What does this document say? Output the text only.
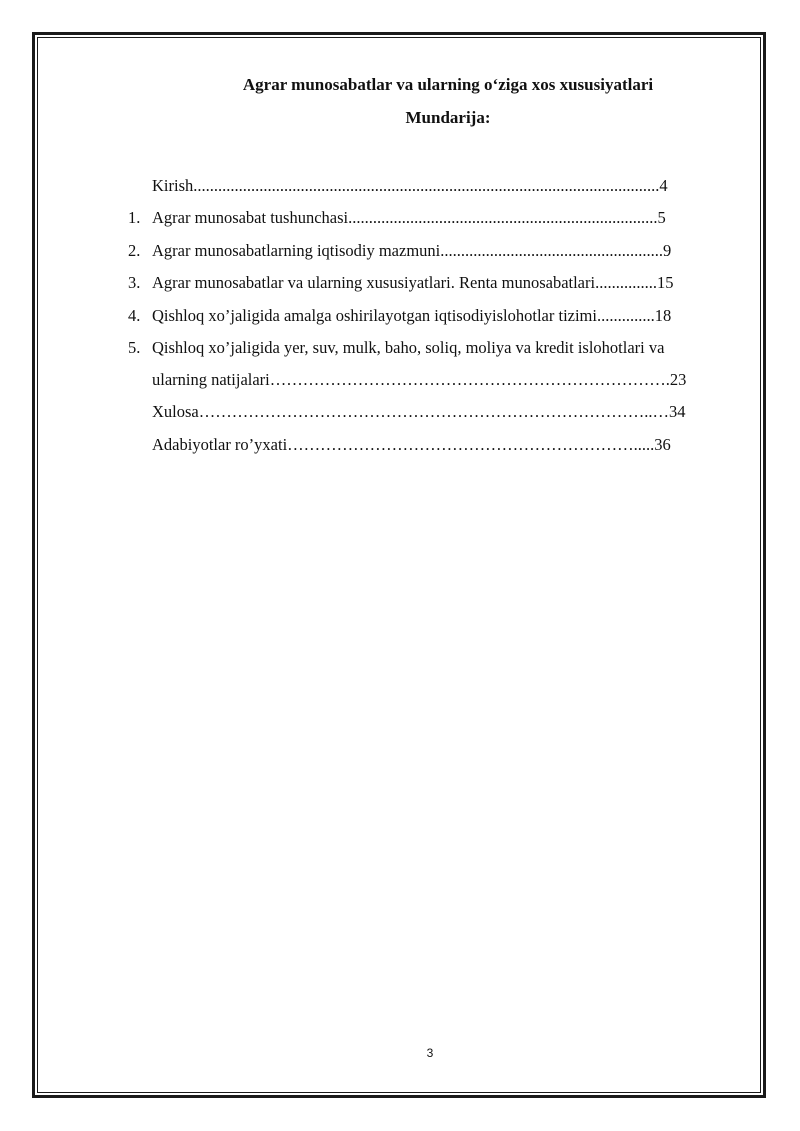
Agrar munosabatlar va ularning o‘ziga xos xususiyatlari
Mundarija:
Kirish.................................................................................................................4
1. Agrar munosabat tushunchasi...........................................................................5
2. Agrar munosabatlarning iqtisodiy mazmuni......................................................9
3. Agrar munosabatlar va ularning xususiyatlari. Renta munosabatlari...............15
4. Qishloq xo’jaligida amalga oshirilayotgan iqtisodiyislohotlar tizimi..............18
5. Qishloq xo’jaligida yer, suv, mulk, baho, soliq, moliya va kredit islohotlari va
ularning natijalari……………………………………………………………….23
Xulosa………………………………………………………………………..…34
Adabiyotlar ro’yxati……………………………………………………….....36
3
